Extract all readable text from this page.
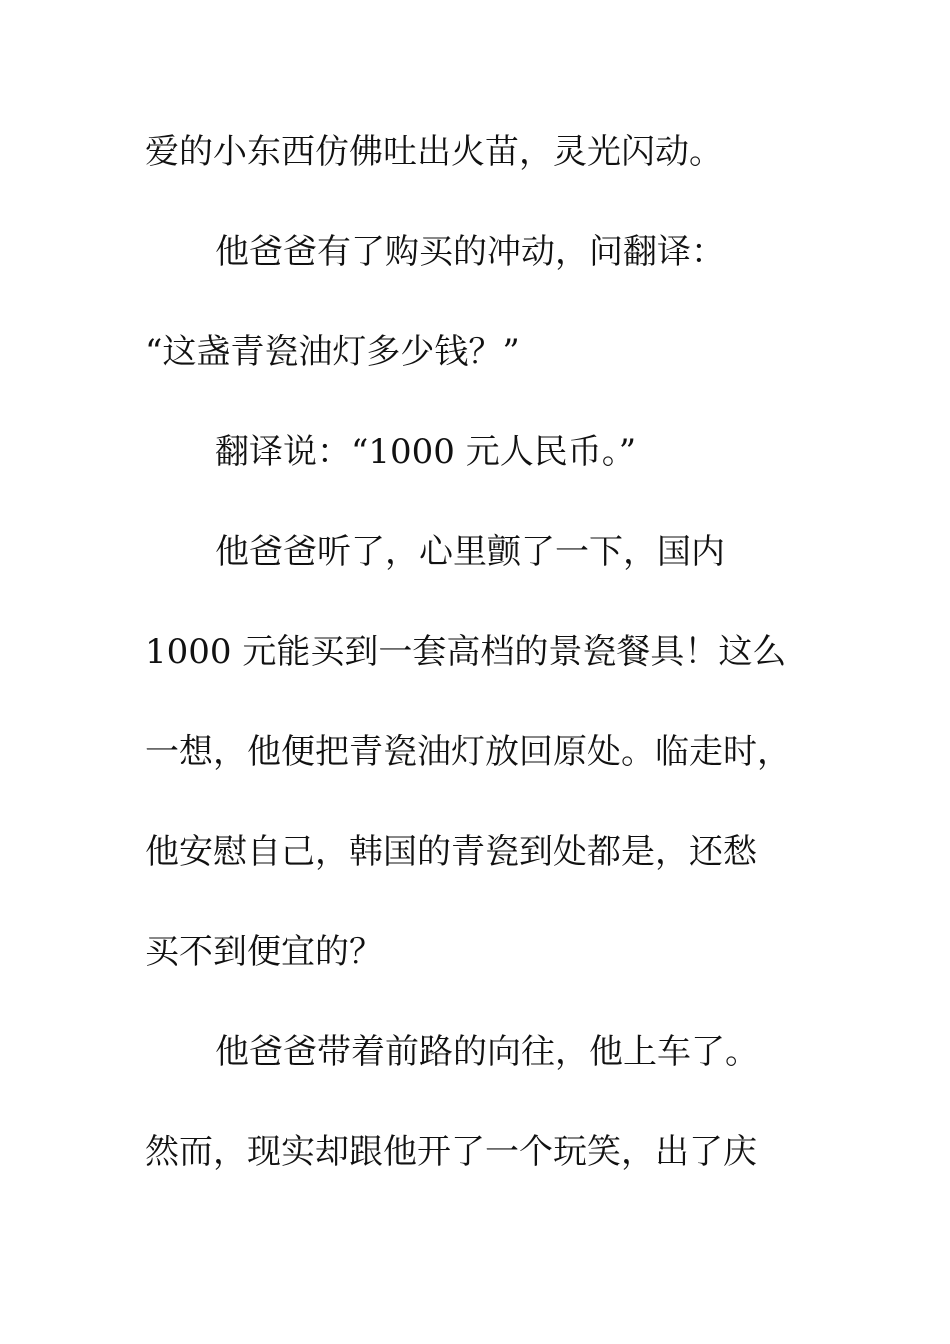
爱的小东西仿佛吐出火苗，灵光闪动。
他爸爸有了购买的冲动，问翻译：
“这盏青瓷油灯多少钱？”
翻译说：“1000 元人民币。”
他爸爸听了，心里颤了一下，国内
1000 元能买到一套高档的景瓷餐具！这么
一想，他便把青瓷油灯放回原处。临走时，
他安慰自己，韩国的青瓷到处都是，还愁
买不到便宜的？
他爸爸带着前路的向往，他上车了。
然而，现实却跟他开了一个玩笑，出了庆
